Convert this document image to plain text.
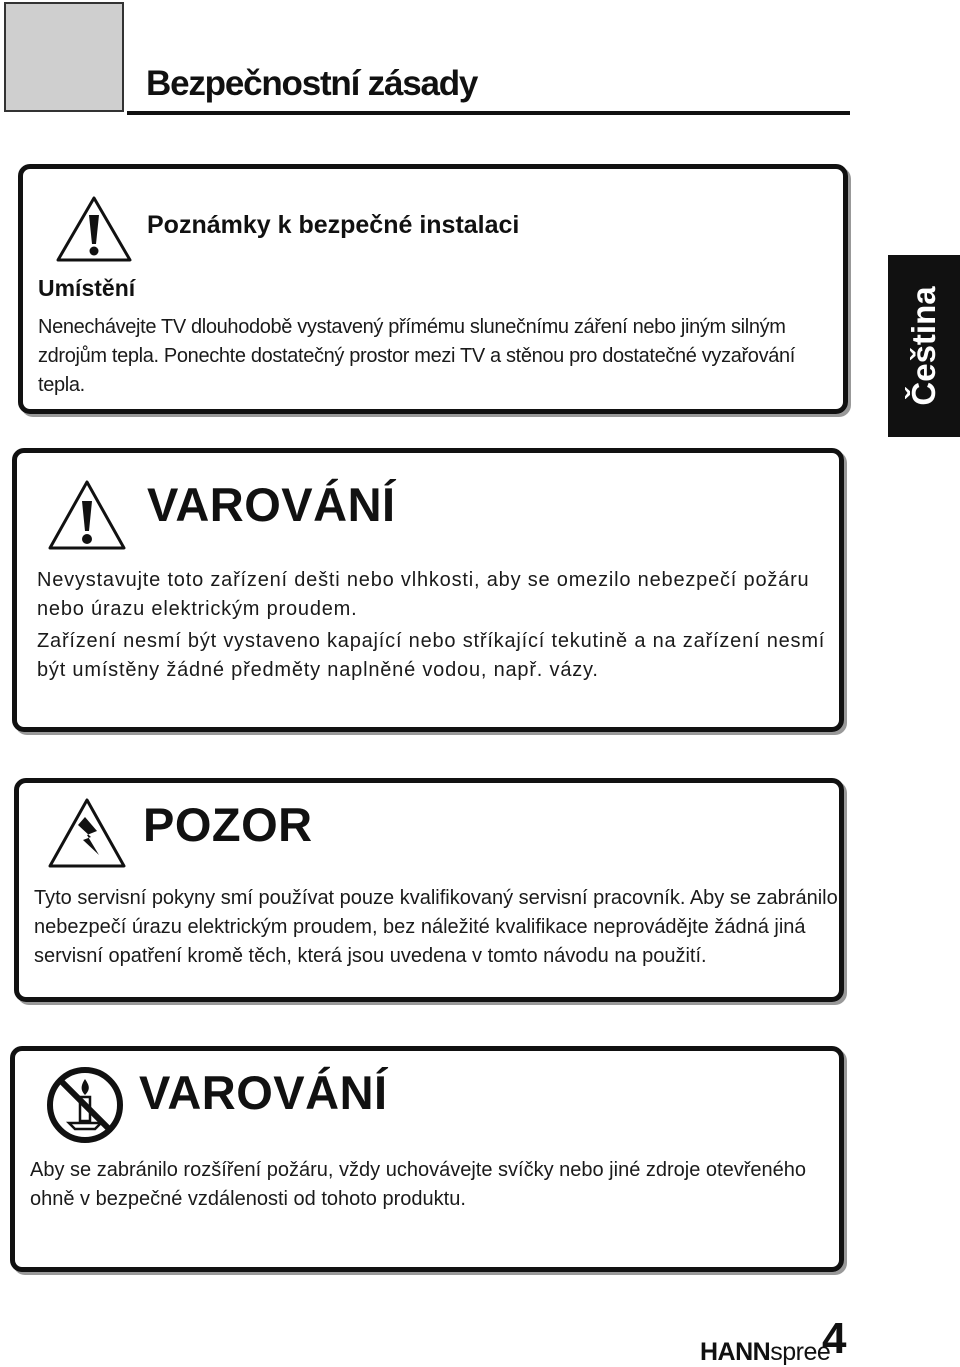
Bezpečnostní zásady
Čeština
Poznámky k bezpečné instalaci
Umístění

Nenechávejte TV dlouhodobě vystavený přímému slunečnímu záření nebo jiným silným zdrojům tepla. Ponechte dostatečný prostor mezi TV a stěnou pro dostatečné vyzařování tepla.

VAROVÁNÍ

Nevystavujte toto zařízení dešti nebo vlhkosti, aby se omezilo nebezpečí požáru nebo úrazu elektrickým proudem.

Zařízení nesmí být vystaveno kapající nebo stříkající tekutině a na zařízení nesmí být umístěny žádné předměty naplněné vodou, např. vázy.

POZOR

Tyto servisní pokyny smí používat pouze kvalifikovaný servisní pracovník. Aby se zabránilo nebezpečí úrazu elektrickým proudem, bez náležité kvalifikace neprovádějte žádná jiná servisní opatření kromě těch, která jsou uvedena v tomto návodu na použití.

VAROVÁNÍ

Aby se zabránilo rozšíření požáru, vždy uchovávejte svíčky nebo jiné zdroje otevřeného ohně v bezpečné vzdálenosti od tohoto produktu.

HANNspree
4
